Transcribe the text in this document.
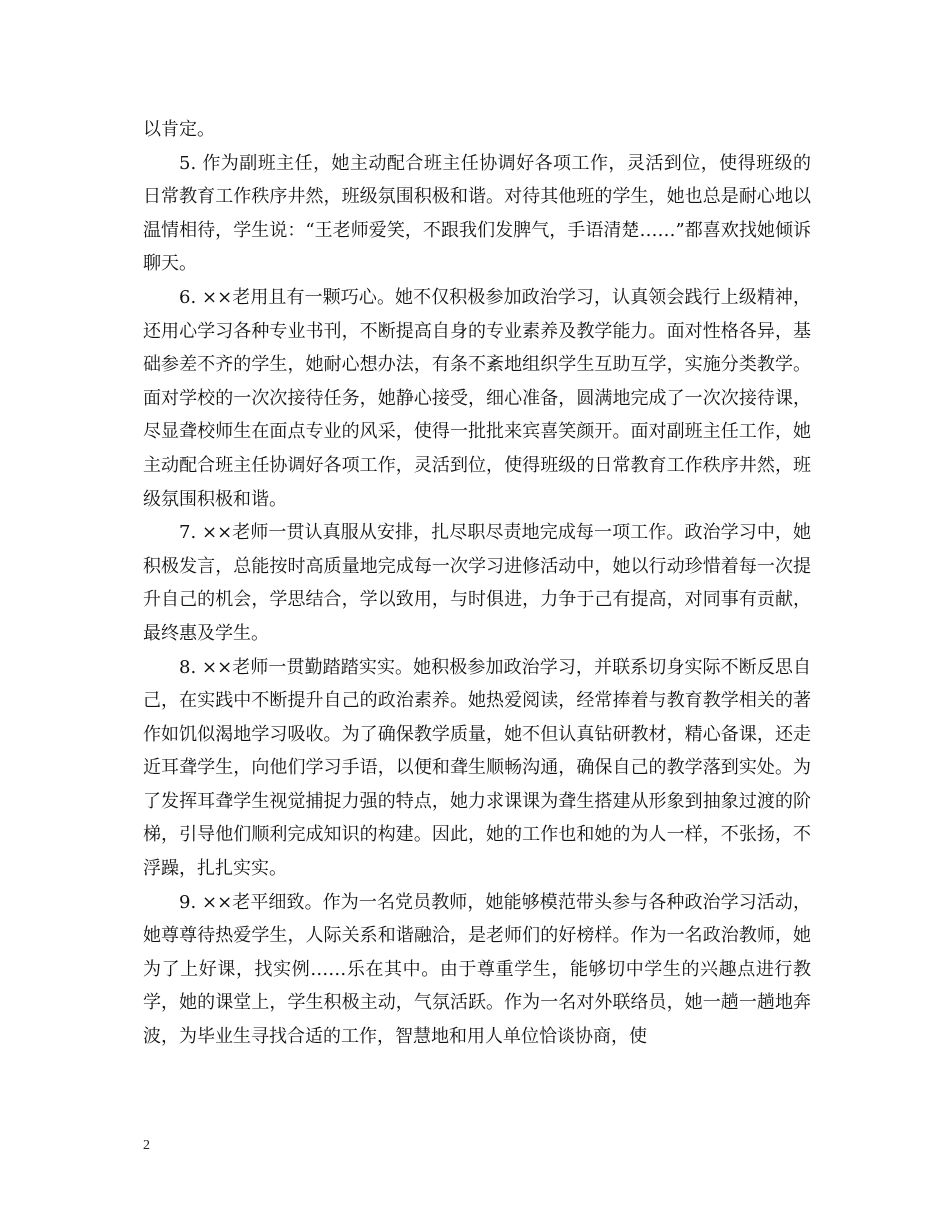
以肯定。

5. 作为副班主任，她主动配合班主任协调好各项工作，灵活到位，使得班级的日常教育工作秩序井然，班级氛围积极和谐。对待其他班的学生，她也总是耐心地以温情相待，学生说：“王老师爱笑，不跟我们发脾气，手语清楚……”都喜欢找她倾诉聊天。

6. ××老用且有一颗巧心。她不仅积极参加政治学习，认真领会践行上级精神，还用心学习各种专业书刊，不断提高自身的专业素养及教学能力。面对性格各异，基础参差不齐的学生，她耐心想办法，有条不紊地组织学生互助互学，实施分类教学。面对学校的一次次接待任务，她静心接受，细心准备，圆满地完成了一次次接待课，尽显聋校师生在面点专业的风采，使得一批批来宾喜笑颜开。面对副班主任工作，她主动配合班主任协调好各项工作，灵活到位，使得班级的日常教育工作秩序井然，班级氛围积极和谐。

7. ××老师一贯认真服从安排，扎尽职尽责地完成每一项工作。政治学习中，她积极发言，总能按时高质量地完成每一次学习进修活动中，她以行动珍惜着每一次提升自己的机会，学思结合，学以致用，与时俱进，力争于己有提高，对同事有贡献，最终惠及学生。

8. ××老师一贯勤踏踏实实。她积极参加政治学习，并联系切身实际不断反思自己，在实践中不断提升自己的政治素养。她热爱阅读，经常捧着与教育教学相关的著作如饥似渴地学习吸收。为了确保教学质量，她不但认真钻研教材，精心备课，还走近耳聋学生，向他们学习手语，以便和聋生顺畅沟通，确保自己的教学落到实处。为了发挥耳聋学生视觉捕捉力强的特点，她力求课课为聋生搭建从形象到抽象过渡的阶梯，引导他们顺利完成知识的构建。因此，她的工作也和她的为人一样，不张扬，不浮躁，扎扎实实。

9. ××老平细致。作为一名党员教师，她能够模范带头参与各种政治学习活动，她尊尊待热爱学生，人际关系和谐融洽，是老师们的好榜样。作为一名政治教师，她为了上好课，找实例……乐在其中。由于尊重学生，能够切中学生的兴趣点进行教学，她的课堂上，学生积极主动，气氛活跃。作为一名对外联络员，她一趟一趟地奔波，为毕业生寻找合适的工作，智慧地和用人单位恰谈协商，使

2
